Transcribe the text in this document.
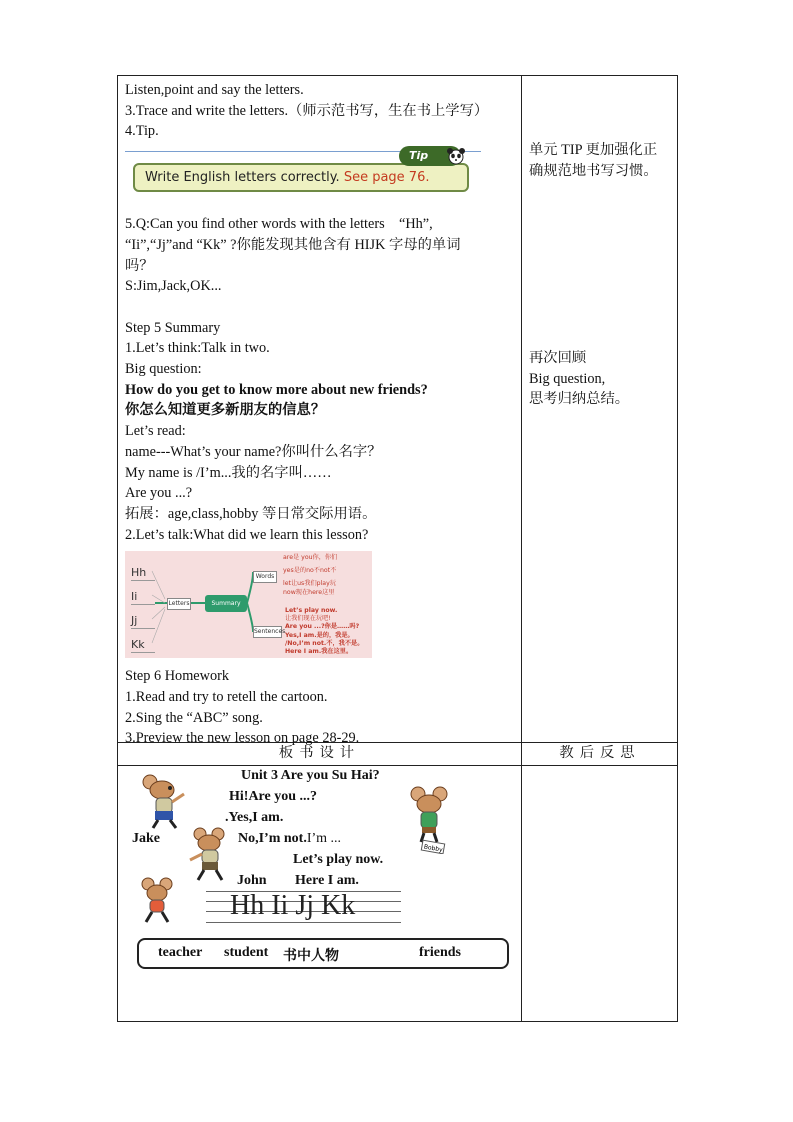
Listen,point and say the letters.

3.Trace and write the letters.（师示范书写，生在书上学写）

4.Tip.

Write English letters correctly. See page 76.
Tip

5.Q:Can you find other words with the letters　“Hh”,

“Ii”,“Jj”and “Kk” ?你能发现其他含有 HIJK 字母的单词

吗？

S:Jim,Jack,OK...

Step 5 Summary

1.Let’s think:Talk in two.

Big question:

How do you get to know more about new friends?

你怎么知道更多新朋友的信息？

Let’s read:

name---What’s your name?你叫什么名字？

My name is /I’m...我的名字叫……

Are you ...?

拓展：age,class,hobby 等日常交际用语。

2.Let’s talk:What did we learn this lesson?

Hh
Ii
Jj
Kk
Letters	Summary
Words
Sentences
are是 you你，你们
yes是的no不not不
let让us我们play玩
now现在here这里
Let’s play now.
让我们现在玩吧!
Are you ...?你是……吗?
Yes,I am.是的，我是。
/No,I’m not.不，我不是。
Here I am.我在这里。

Step 6 Homework

1.Read and try to retell the cartoon.

2.Sing the “ABC” song.

3.Preview the new lesson on page 28-29.

单元 TIP 更加强化正

确规范地书写习惯。

再次回顾

Big question,

思考归纳总结。

板书设计	教后反思
Bobby
Unit 3 Are you Su Hai?
Hi!Are you ...?
.Yes,I am.
Jake	No,I’m not.I’m ...
Let’s play now.
John Here I am.
Hh Ii Jj Kk
teacher student 书中人物	friends
